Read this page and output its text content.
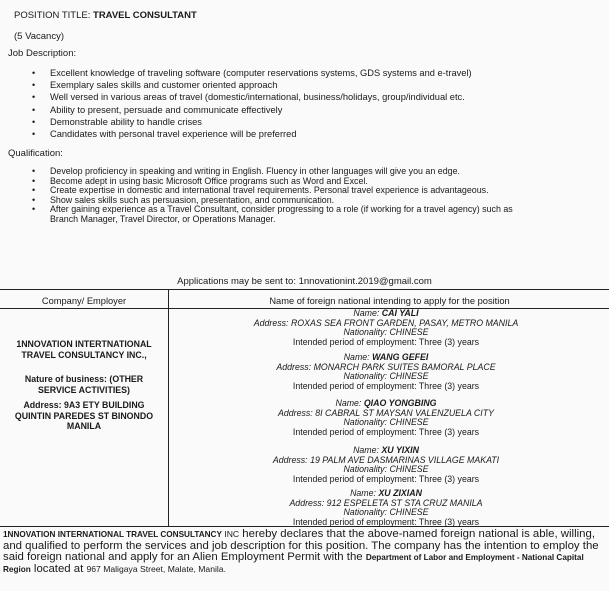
POSITION TITLE: TRAVEL CONSULTANT
(5 Vacancy)
Job Description:
• Excellent knowledge of traveling software (computer reservations systems, GDS systems and e-travel)
• Exemplary sales skills and customer oriented approach
• Well versed in various areas of travel (domestic/international, business/holidays, group/individual etc.
• Ability to present, persuade and communicate effectively
• Demonstrable ability to handle crises
• Candidates with personal travel experience will be preferred
Qualification:
• Develop proficiency in speaking and writing in English. Fluency in other languages will give you an edge.
• Become adept in using basic Microsoft Office programs such as Word and Excel.
• Create expertise in domestic and international travel requirements. Personal travel experience is advantageous.
• Show sales skills such as persuasion, presentation, and communication.
• After gaining experience as a Travel Consultant, consider progressing to a role (if working for a travel agency) such as
Branch Manager, Travel Director, or Operations Manager.
Applications may be sent to: 1nnovationint.2019@gmail.com
Company/ Employer	Name of foreign national intending to apply for the position
1NNOVATION INTERTNATIONAL
TRAVEL CONSULTANCY INC.,
Nature of business: (OTHER
SERVICE ACTIVITIES)
Address: 9A3 ETY BUILDING
QUINTIN PAREDES ST BINONDO
MANILA
Name: CAI YALI
Address: ROXAS SEA FRONT GARDEN, PASAY, METRO MANILA
Nationality: CHINESE
Intended period of employment: Three (3) years
Name: WANG GEFEI
Address: MONARCH PARK SUITES BAMORAL PLACE
Nationality: CHINESE
Intended period of employment: Three (3) years
Name: QIAO YONGBING
Address: 8I CABRAL ST MAYSAN VALENZUELA CITY
Nationality: CHINESE
Intended period of employment: Three (3) years
Name: XU YIXIN
Address: 19 PALM AVE DASMARINAS VILLAGE MAKATI
Nationality: CHINESE
Intended period of employment: Three (3) years
Name: XU ZIXIAN
Address: 912 ESPELETA ST STA CRUZ MANILA
Nationality: CHINESE
Intended period of employment: Three (3) years
1NNOVATION INTERNATIONAL TRAVEL CONSULTANCY INC hereby declares that the above-named foreign national is able, willing, and qualified to perform the services and job description for this position. The company has the intention to employ the said foreign national and apply for an Alien Employment Permit with the Department of Labor and Employment - National Capital Region located at 967 Maligaya Street, Malate, Manila.
